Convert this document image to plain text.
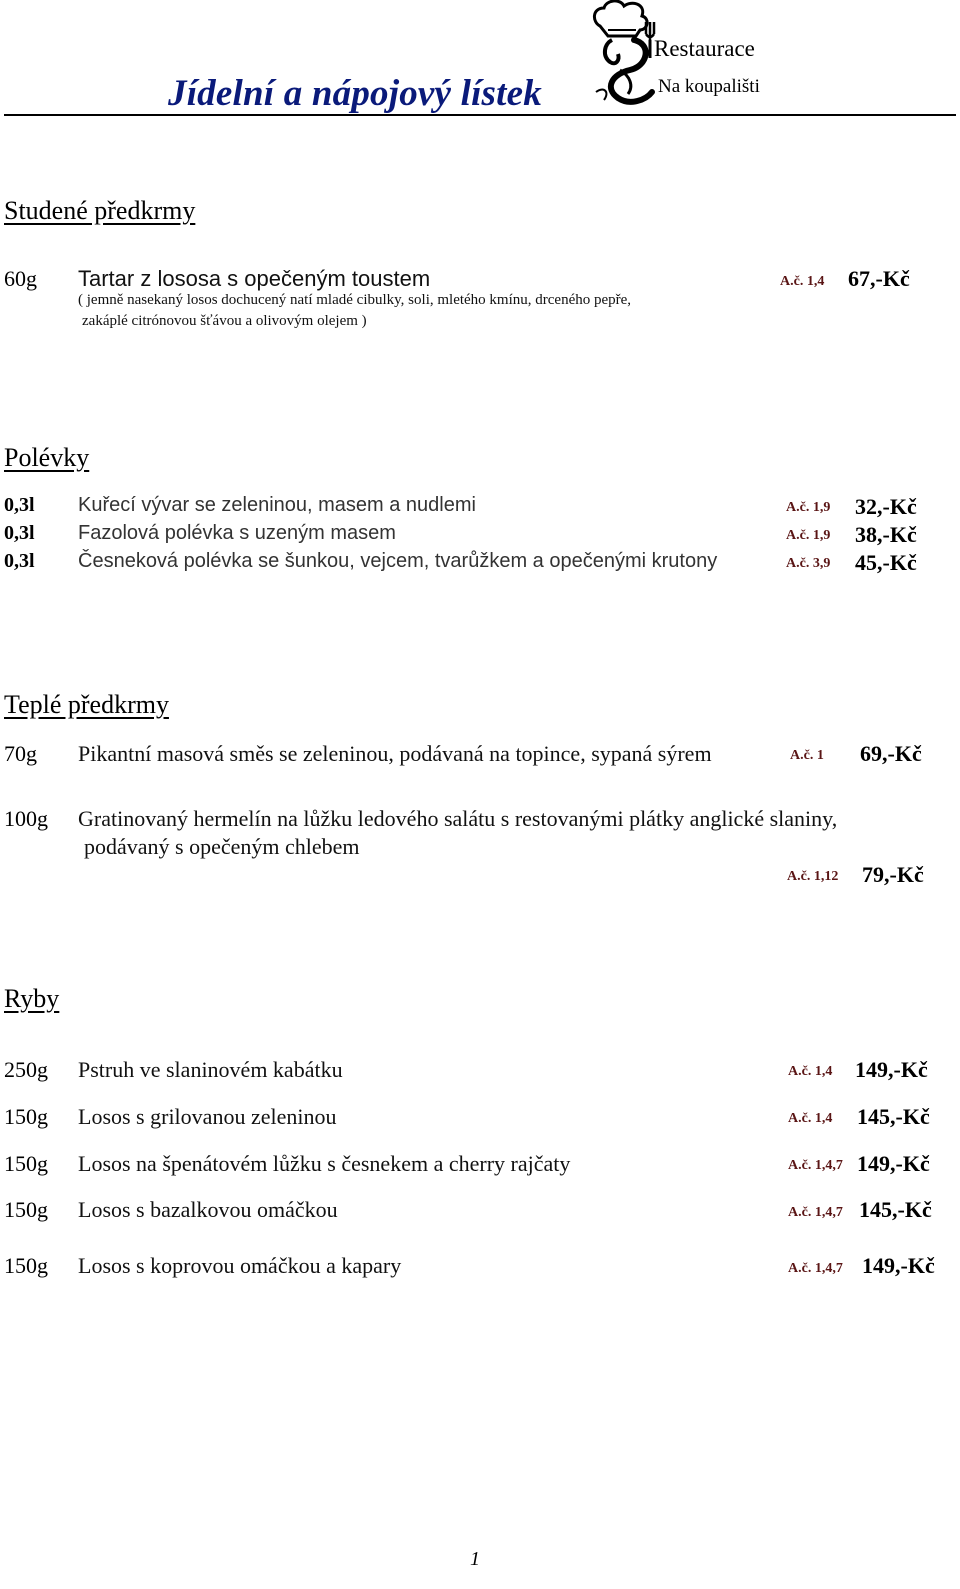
Jídelní a nápojový lístek
Restaurace
Na koupališti
Studené předkrmy
60g Tartar z lososa s opečeným toustem	A.č. 1,4 67,-Kč
( jemně nasekaný losos dochucený natí mladé cibulky, soli, mletého kmínu, drceného pepře,
zakáplé citrónovou šťávou a olivovým olejem )
Polévky
0,3l Kuřecí vývar se zeleninou, masem a nudlemi	A.č. 1,9 32,-Kč
0,3l Fazolová polévka s uzeným masem	A.č. 1,9 38,-Kč
0,3l Česneková polévka se šunkou, vejcem, tvarůžkem a opečenými krutony	A.č. 3,9 45,-Kč
Teplé předkrmy
70g Pikantní masová směs se zeleninou, podávaná na topince, sypaná sýrem	A.č. 1 69,-Kč
100g Gratinovaný hermelín na lůžku ledového salátu s restovanými plátky anglické slaniny,
podávaný s opečeným chlebem
A.č. 1,12 79,-Kč
Ryby
250g Pstruh ve slaninovém kabátku	A.č. 1,4 149,-Kč
150g Losos s grilovanou zeleninou	A.č. 1,4 145,-Kč
150g Losos na špenátovém lůžku s česnekem a cherry rajčaty	A.č. 1,4,7 149,-Kč
150g Losos s bazalkovou omáčkou	A.č. 1,4,7 145,-Kč
150g Losos s koprovou omáčkou a kapary	A.č. 1,4,7 149,-Kč
1
